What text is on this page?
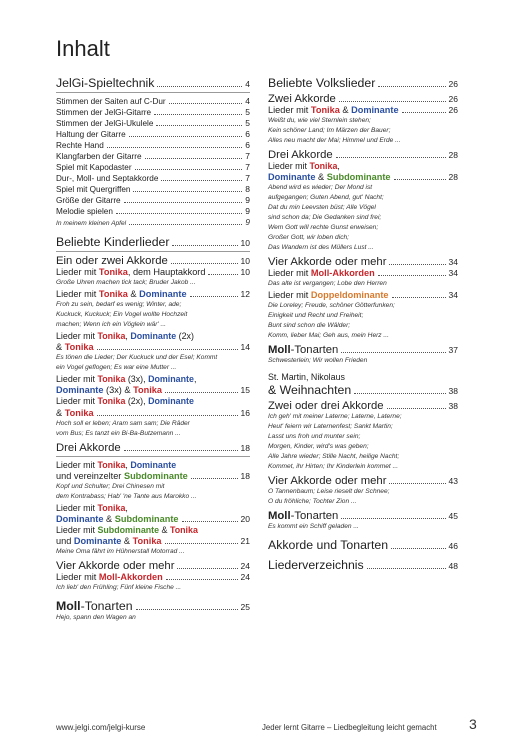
Inhalt
JelGi-Spieltechnik	4
Stimmen der Saiten auf C-Dur	4
Stimmen der JelGi-Gitarre	5
Stimmen der JelGi-Ukulele	5
Haltung der Gitarre	6
Rechte Hand	6
Klangfarben der Gitarre	7
Spiel mit Kapodaster	7
Dur-, Moll- und Septakkorde	7
Spiel mit Quergriffen	8
Größe der Gitarre	9
Melodie spielen	9
In meinem kleinen Apfel	9
Beliebte Kinderlieder	10
Ein oder zwei Akkorde	10
Lieder mit Tonika, dem Hauptakkord	10
Große Uhren machen tick tack; Bruder Jakob ...
Lieder mit Tonika & Dominante	12
Froh zu sein, bedarf es wenig; Winter, ade;
Kuckuck, Kuckuck; Ein Vogel wollte Hochzeit
machen; Wenn ich ein Vöglein wär' ...
Lieder mit Tonika, Dominante (2x)
& Tonika	14
Es tönen die Lieder; Der Kuckuck und der Esel; Kommt
ein Vogel geflogen; Es war eine Mutter ...
Lieder mit Tonika (3x), Dominante,
Dominante (3x) & Tonika	15
Lieder mit Tonika (2x), Dominante
& Tonika	16
Hoch soll er leben; Aram sam sam; Die Räder
vom Bus; Es tanzt ein Bi-Ba-Butzemann ...
Drei Akkorde	18
Lieder mit Tonika, Dominante
und vereinzelter Subdominante	18
Kopf und Schulter; Drei Chinesen mit
dem Kontrabass; Hab' 'ne Tante aus Marokko ...
Lieder mit Tonika,
Dominante & Subdominante	20
Lieder mit Subdominante & Tonika
und Dominante & Tonika	21
Meine Oma fährt im Hühnerstall Motorrad ...
Vier Akkorde oder mehr	24
Lieder mit Moll-Akkorden	24
Ich lieb' den Frühling; Fünf kleine Fische ...
Moll-Tonarten	25
Hejo, spann den Wagen an
Beliebte Volkslieder	26
Zwei Akkorde	26
Lieder mit Tonika & Dominante	26
Weißt du, wie viel Sternlein stehen;
Kein schöner Land; Im Märzen der Bauer;
Alles neu macht der Mai; Himmel und Erde ...
Drei Akkorde	28
Lieder mit Tonika,
Dominante & Subdominante	28
Abend wird es wieder; Der Mond ist
aufgegangen; Guten Abend, gut' Nacht;
Dat du min Leevsten büst; Alle Vögel
sind schon da; Die Gedanken sind frei;
Wem Gott will rechte Gunst erweisen;
Großer Gott, wir loben dich;
Das Wandern ist des Müllers Lust ...
Vier Akkorde oder mehr	34
Lieder mit Moll-Akkorden	34
Das alte ist vergangen; Lobe den Herren
Lieder mit Doppeldominante	34
Die Loreley; Freude, schöner Götterfunken;
Einigkeit und Recht und Freiheit;
Bunt sind schon die Wälder;
Komm, lieber Mai; Geh aus, mein Herz ...
Moll-Tonarten	37
Schwesterlein; Wir wollen Frieden
St. Martin, Nikolaus
& Weihnachten	38
Zwei oder drei Akkorde	38
Ich geh' mit meiner Laterne; Laterne, Laterne;
Heut' feiern wir Laternenfest; Sankt Martin;
Lasst uns froh und munter sein;
Morgen, Kinder, wird's was geben;
Alle Jahre wieder; Stille Nacht, heilige Nacht;
Kommet, ihr Hirten; Ihr Kinderlein kommet ...
Vier Akkorde oder mehr	43
O Tannenbaum; Leise rieselt der Schnee;
O du fröhliche; Tochter Zion ...
Moll-Tonarten	45
Es kommt ein Schiff geladen ...
Akkorde und Tonarten	46
Liederverzeichnis	48
www.jelgi.com/jelgi-kurse	Jeder lernt Gitarre – Liedbegleitung leicht gemacht 3
